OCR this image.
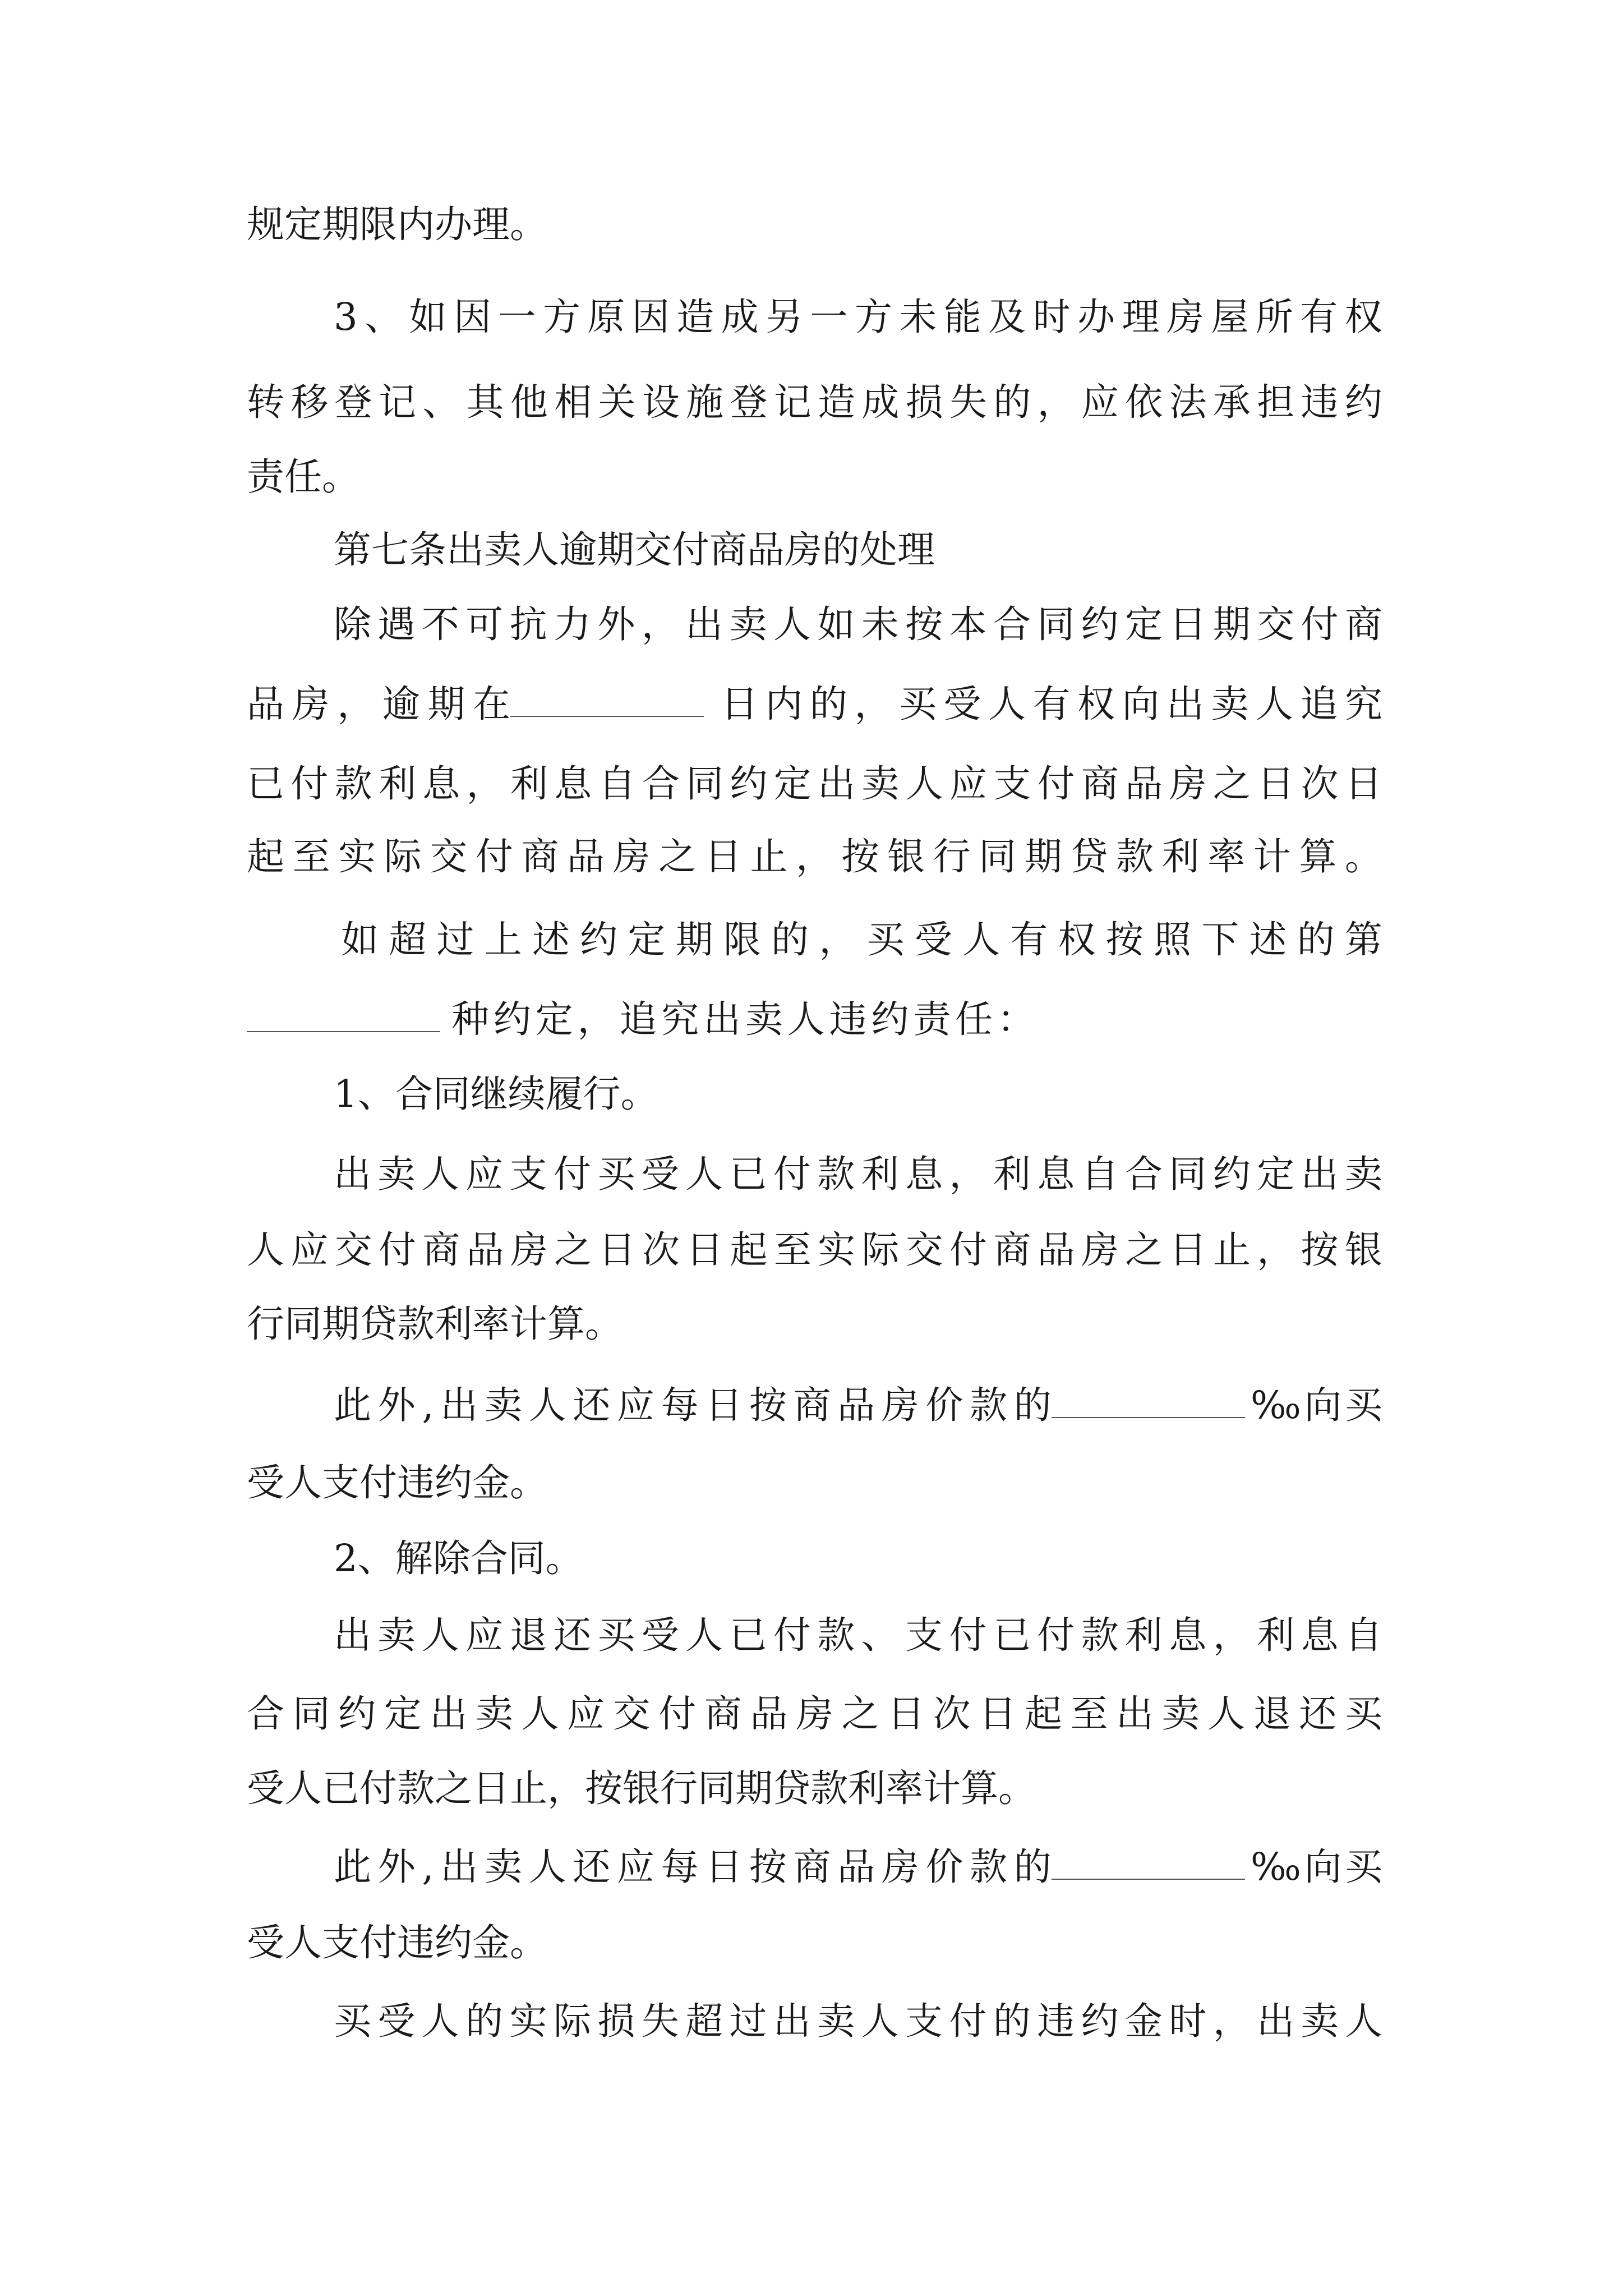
规定期限内办理。
3 、 如 因 一 方 原 因 造 成 另 一 方 未 能 及 时 办 理 房 屋 所 有 权
转 移 登 记 、 其 他 相 关 设 施 登 记 造 成 损 失 的 ， 应 依 法 承 担 违 约
责任。
第七条出卖人逾期交付商品房的处理
除 遇 不 可 抗 力 外 ， 出 卖 人 如 未 按 本 合 同 约 定 日 期 交 付 商
品 房 ， 逾 期 在	日 内 的 ， 买 受 人 有 权 向 出 卖 人 追 究
已 付 款 利 息 ， 利 息 自 合 同 约 定 出 卖 人 应 支 付 商 品 房 之 日 次 日
起 至 实 际 交 付 商 品 房 之 日 止 ， 按 银 行 同 期 贷 款 利 率 计 算 。
如 超 过 上 述 约 定 期 限 的 ， 买 受 人 有 权 按 照 下 述 的 第
种 约 定 ， 追 究 出 卖 人 违 约 责 任 ：
1、合同继续履行。
出 卖 人 应 支 付 买 受 人 已 付 款 利 息 ， 利 息 自 合 同 约 定 出 卖
人 应 交 付 商 品 房 之 日 次 日 起 至 实 际 交 付 商 品 房 之 日 止 ， 按 银
行同期贷款利率计算。
此 外 , 出 卖 人 还 应 每 日 按 商 品 房 价 款 的	‰ 向 买
受人支付违约金。
2、解除合同。
出 卖 人 应 退 还 买 受 人 已 付 款 、 支 付 已 付 款 利 息 ， 利 息 自
合 同 约 定 出 卖 人 应 交 付 商 品 房 之 日 次 日 起 至 出 卖 人 退 还 买
受人已付款之日止，按银行同期贷款利率计算。
此 外 , 出 卖 人 还 应 每 日 按 商 品 房 价 款 的	‰ 向 买
受人支付违约金。
买 受 人 的 实 际 损 失 超 过 出 卖 人 支 付 的 违 约 金 时 ， 出 卖 人
